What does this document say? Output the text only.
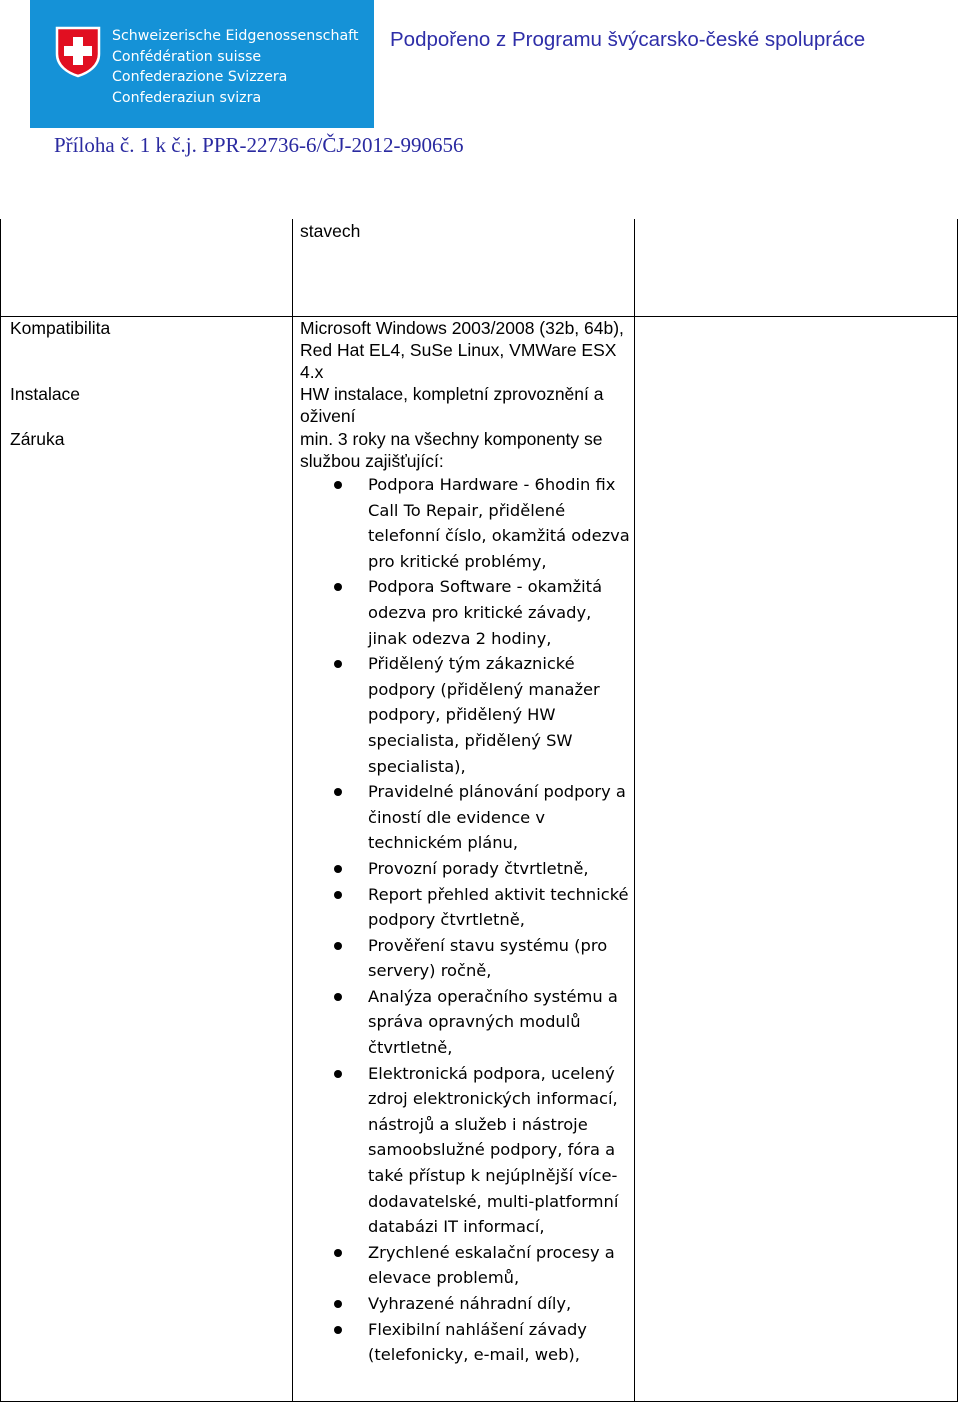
Schweizerische Eidgenossenschaft
Confédération suisse
Confederazione Svizzera
Confederaziun svizra
Podpořeno z Programu švýcarsko-české spolupráce
Příloha č. 1 k č.j. PPR-22736-6/ČJ-2012-990656
stavech
Kompatibilita	Microsoft Windows 2003/2008 (32b, 64b), Red Hat EL4, SuSe Linux, VMWare ESX 4.x
Instalace	HW instalace, kompletní zprovoznění a oživení
Záruka	min. 3 roky na všechny komponenty se službou zajišťující:
Podpora Hardware - 6hodin fix Call To Repair, přidělené telefonní číslo, okamžitá odezva pro kritické problémy,
Podpora Software - okamžitá odezva pro kritické závady, jinak odezva 2 hodiny,
Přidělený tým zákaznické podpory (přidělený manažer podpory, přidělený HW specialista, přidělený SW specialista),
Pravidelné plánování podpory a čiností dle evidence v technickém plánu,
Provozní porady čtvrtletně,
Report přehled aktivit technické podpory čtvrtletně,
Prověření stavu systému (pro servery) ročně,
Analýza operačního systému a správa opravných modulů čtvrtletně,
Elektronická podpora, ucelený zdroj elektronických informací, nástrojů a služeb i nástroje samoobslužné podpory, fóra a také přístup k nejúplnější více-dodavatelské, multi-platformní databázi IT informací,
Zrychlené eskalační procesy a elevace problemů,
Vyhrazené náhradní díly,
Flexibilní nahlášení závady (telefonicky, e-mail, web),
